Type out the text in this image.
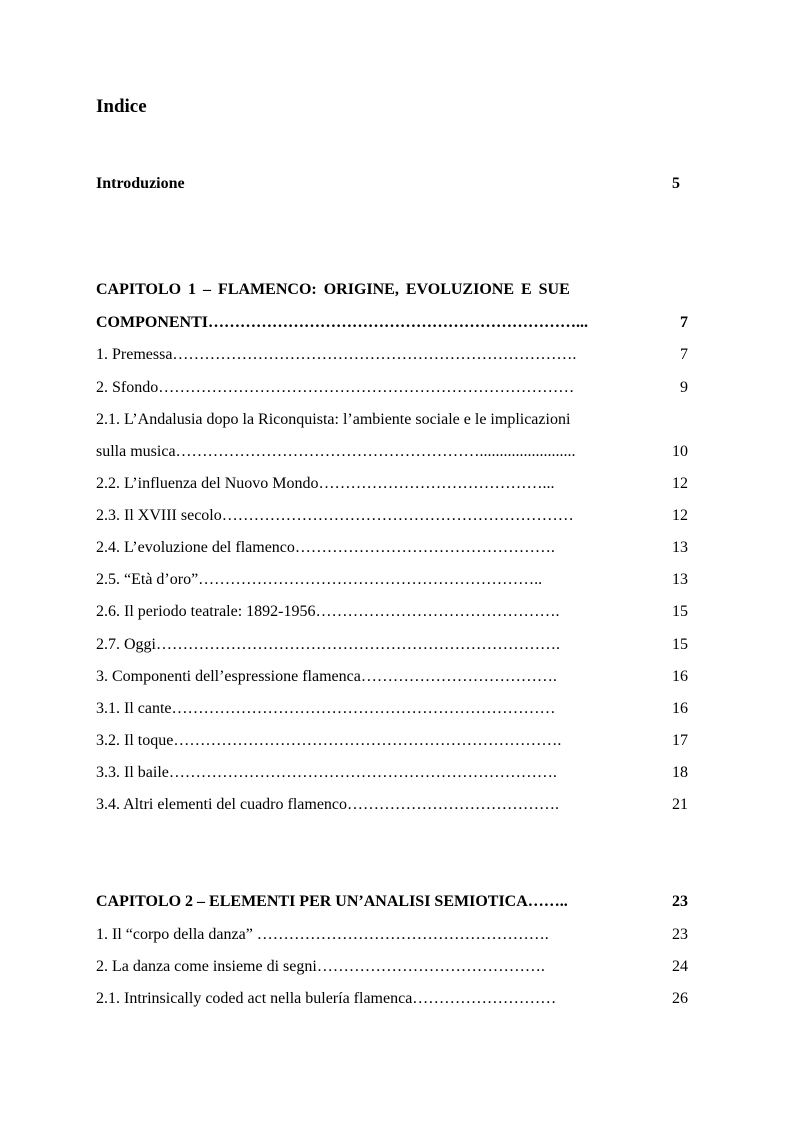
Indice
Introduzione	5
CAPITOLO 1 – FLAMENCO: ORIGINE, EVOLUZIONE E SUE
COMPONENTI……………………………………………………………...	7
1. Premessa………………………………………………………………….	7
2. Sfondo……………………………………………………………………	9
2.1. L’Andalusia dopo la Riconquista: l’ambiente sociale e le implicazioni
sulla musica…………………………………………………........................	10
2.2. L’influenza del Nuovo Mondo……………………………………...	12
2.3. Il XVIII secolo…………………………………………………………	12
2.4. L’evoluzione del flamenco………………………………………….	13
2.5. “Età d’oro”………………………………………………………..	13
2.6. Il periodo teatrale: 1892-1956……………………………………….	15
2.7. Oggi………………………………………………………………….	15
3. Componenti dell’espressione flamenca……………………………….	16
3.1. Il cante………………………………………………………………	16
3.2. Il toque……………………………………………………………….	17
3.3. Il baile……………………………………………………………….	18
3.4. Altri elementi del cuadro flamenco………………………………….	21
CAPITOLO 2 – ELEMENTI PER UN’ANALISI SEMIOTICA……..	23
1. Il “corpo della danza” ……………………………………………….	23
2. La danza come insieme di segni…………………………………….	24
2.1. Intrinsically coded act nella bulería flamenca………………………	26
